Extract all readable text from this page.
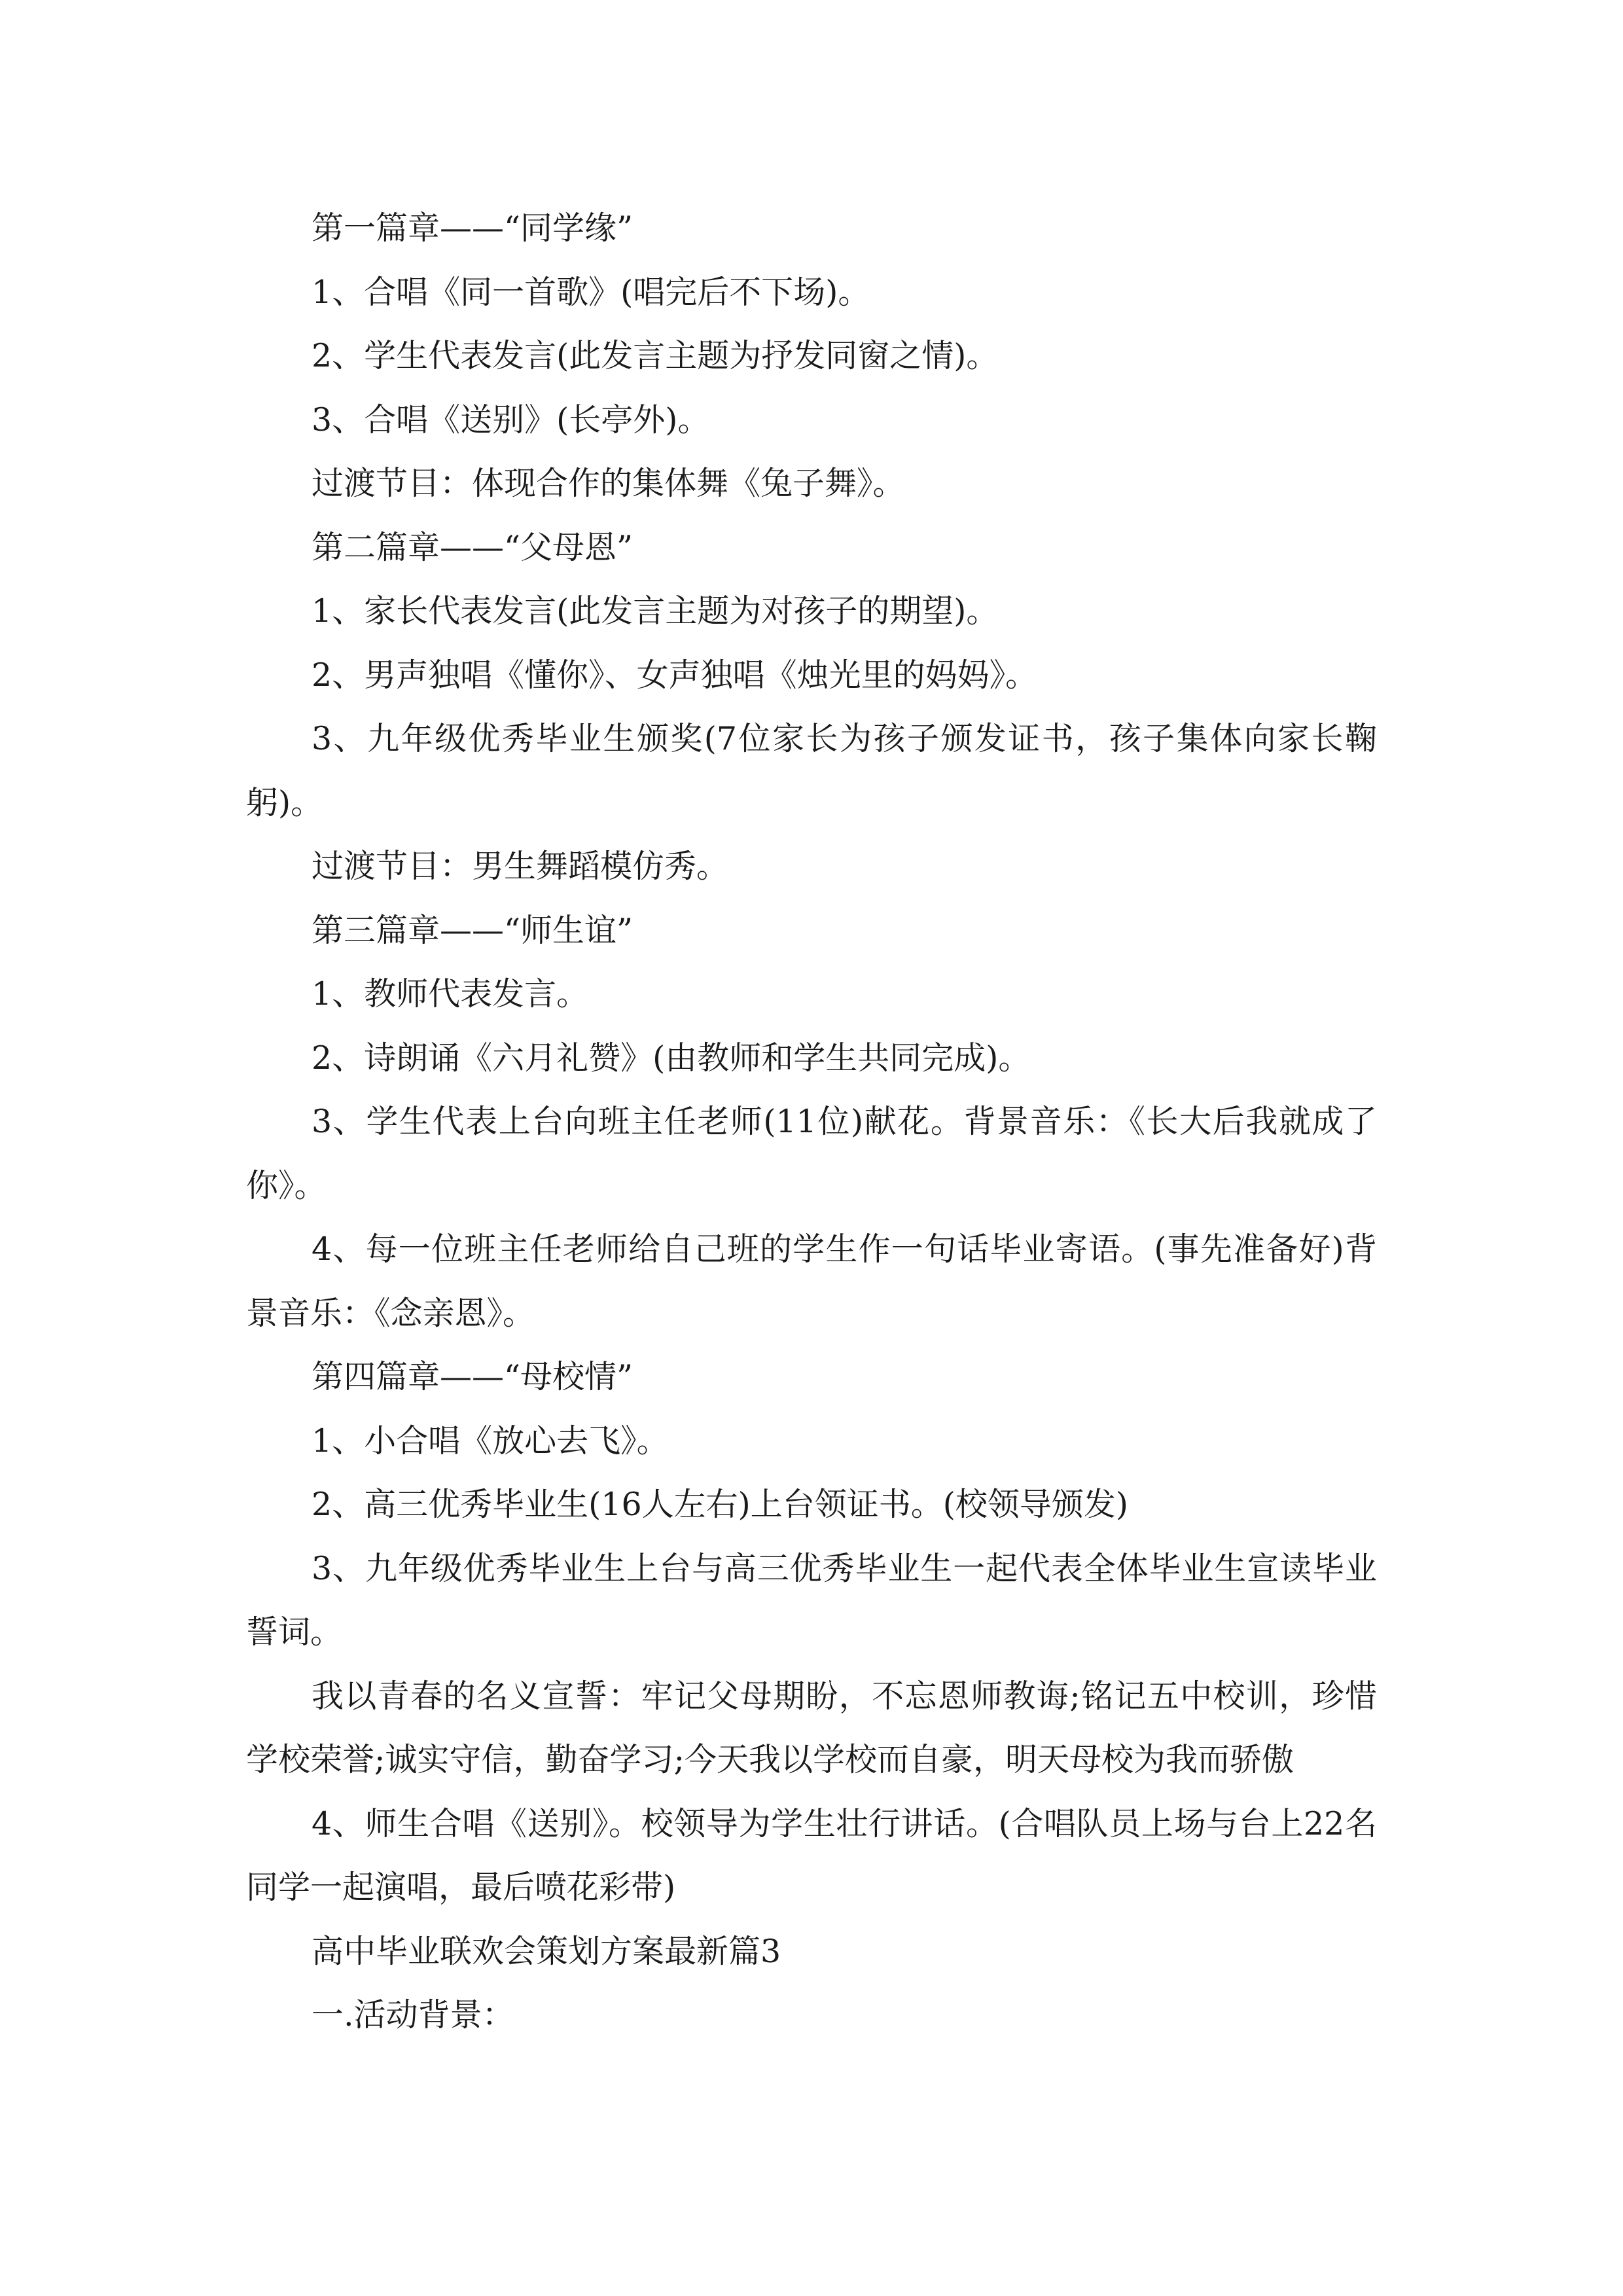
第一篇章——“同学缘”

1、合唱《同一首歌》(唱完后不下场)。

2、学生代表发言(此发言主题为抒发同窗之情)。

3、合唱《送别》(长亭外)。

过渡节目：体现合作的集体舞《兔子舞》。

第二篇章——“父母恩”

1、家长代表发言(此发言主题为对孩子的期望)。

2、男声独唱《懂你》、女声独唱《烛光里的妈妈》。

3、九年级优秀毕业生颁奖(7位家长为孩子颁发证书，孩子集体向家长鞠躬)。

过渡节目：男生舞蹈模仿秀。

第三篇章——“师生谊”

1、教师代表发言。

2、诗朗诵《六月礼赞》(由教师和学生共同完成)。

3、学生代表上台向班主任老师(11位)献花。背景音乐：《长大后我就成了你》。

4、每一位班主任老师给自己班的学生作一句话毕业寄语。(事先准备好)背景音乐：《念亲恩》。

第四篇章——“母校情”

1、小合唱《放心去飞》。

2、高三优秀毕业生(16人左右)上台领证书。(校领导颁发)

3、九年级优秀毕业生上台与高三优秀毕业生一起代表全体毕业生宣读毕业誓词。

我以青春的名义宣誓：牢记父母期盼，不忘恩师教诲;铭记五中校训，珍惜学校荣誉;诚实守信，勤奋学习;今天我以学校而自豪，明天母校为我而骄傲

4、师生合唱《送别》。校领导为学生壮行讲话。(合唱队员上场与台上22名同学一起演唱，最后喷花彩带)

高中毕业联欢会策划方案最新篇3

一.活动背景：
